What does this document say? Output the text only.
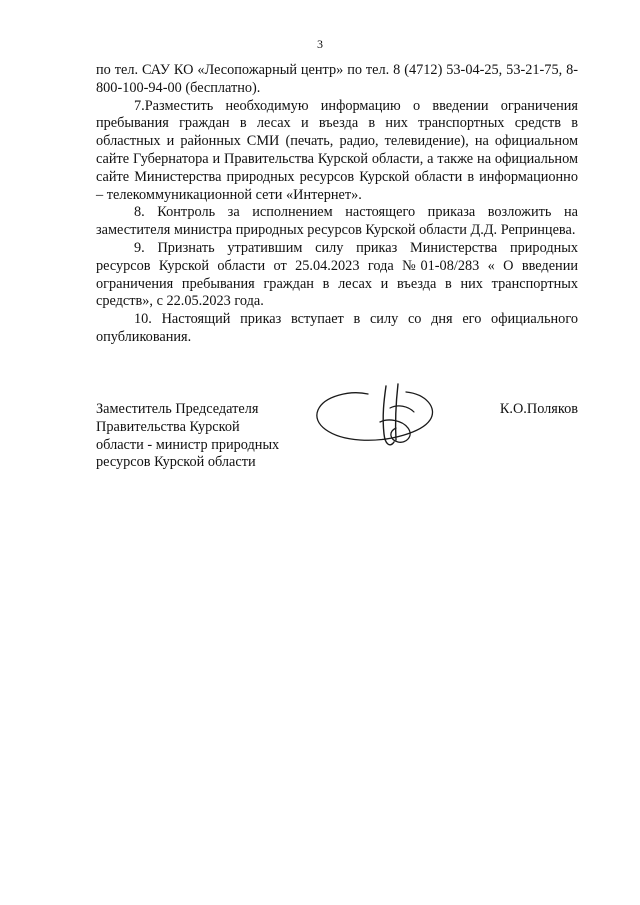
3

по тел. САУ КО «Лесопожарный центр» по тел. 8 (4712) 53-04-25, 53-21-75, 8-800-100-94-00 (бесплатно).

7.Разместить необходимую информацию о введении ограничения пребывания граждан в лесах и въезда в них транспортных средств в областных и районных СМИ (печать, радио, телевидение), на официальном сайте Губернатора и Правительства Курской области, а также на официальном сайте Министерства природных ресурсов Курской области в информационно – телекоммуникационной сети «Интернет».

8. Контроль за исполнением настоящего приказа возложить на заместителя министра природных ресурсов Курской области Д.Д. Репринцева.

9. Признать утратившим силу приказ Министерства природных ресурсов Курской области от 25.04.2023 года №01-08/283 « О введении ограничения пребывания граждан в лесах и въезда в них транспортных средств», с 22.05.2023 года.

10. Настоящий приказ вступает в силу со дня его официального опубликования.

Заместитель Председателя
Правительства Курской
области - министр природных
ресурсов Курской области
К.О.Поляков
